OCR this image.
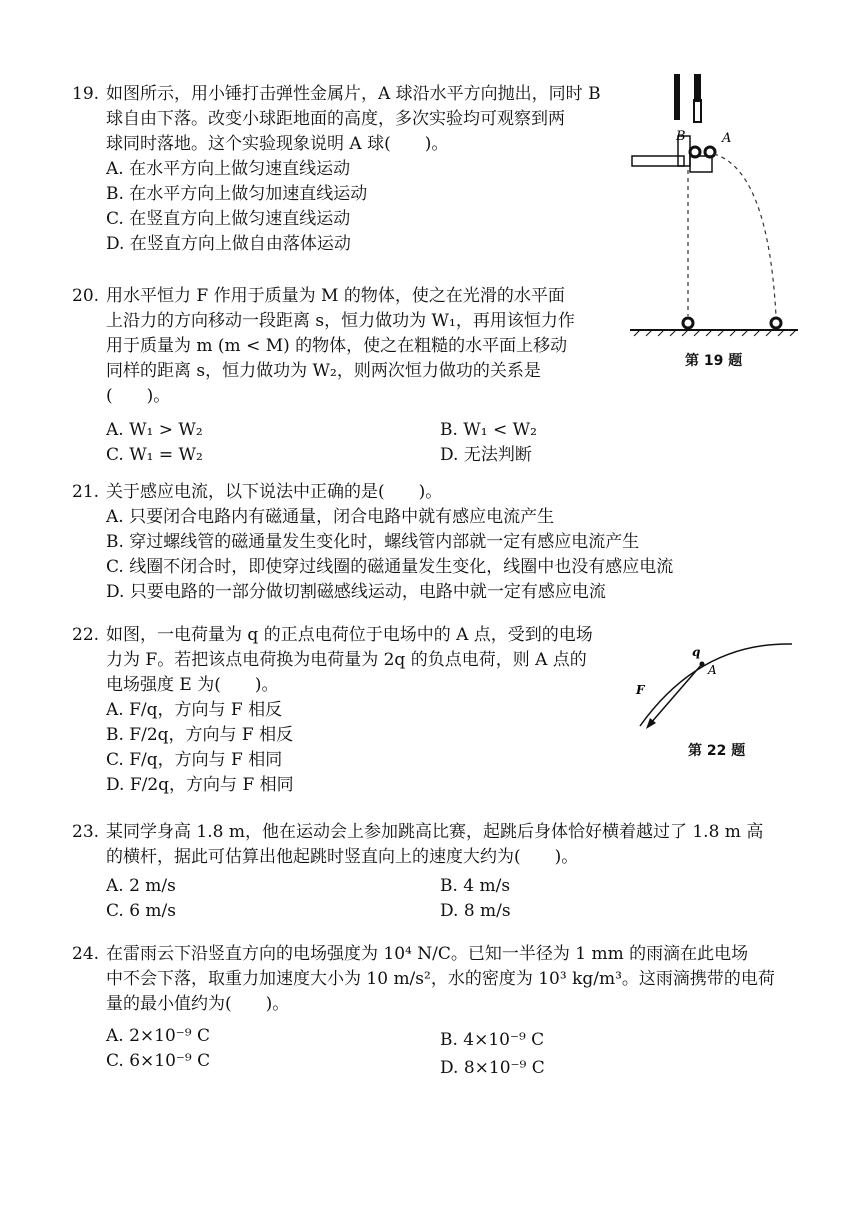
19. 如图所示，用小锤打击弹性金属片，A 球沿水平方向抛出，同时 B
球自由下落。改变小球距地面的高度，多次实验均可观察到两
球同时落地。这个实验现象说明 A 球(　　)。
A. 在水平方向上做匀速直线运动
B. 在水平方向上做匀加速直线运动
C. 在竖直方向上做匀速直线运动
D. 在竖直方向上做自由落体运动
B	A
第 19 题
20. 用水平恒力 F 作用于质量为 M 的物体，使之在光滑的水平面
上沿力的方向移动一段距离 s，恒力做功为 W₁，再用该恒力作
用于质量为 m (m < M) 的物体，使之在粗糙的水平面上移动
同样的距离 s，恒力做功为 W₂，则两次恒力做功的关系是
(　　)。
A. W₁ > W₂
C. W₁ = W₂
B. W₁ < W₂
D. 无法判断
21. 关于感应电流，以下说法中正确的是(　　)。
A. 只要闭合电路内有磁通量，闭合电路中就有感应电流产生
B. 穿过螺线管的磁通量发生变化时，螺线管内部就一定有感应电流产生
C. 线圈不闭合时，即使穿过线圈的磁通量发生变化，线圈中也没有感应电流
D. 只要电路的一部分做切割磁感线运动，电路中就一定有感应电流
22. 如图，一电荷量为 q 的正点电荷位于电场中的 A 点，受到的电场
力为 F。若把该点电荷换为电荷量为 2q 的负点电荷，则 A 点的
电场强度 E 为(　　)。
A. F/q，方向与 F 相反
B. F/2q，方向与 F 相反
C. F/q，方向与 F 相同
D. F/2q，方向与 F 相同
q
A
F
第 22 题
23. 某同学身高 1.8 m，他在运动会上参加跳高比赛，起跳后身体恰好横着越过了 1.8 m 高
的横杆，据此可估算出他起跳时竖直向上的速度大约为(　　)。
A. 2 m/s
C. 6 m/s
B. 4 m/s
D. 8 m/s
24. 在雷雨云下沿竖直方向的电场强度为 10⁴ N/C。已知一半径为 1 mm 的雨滴在此电场
中不会下落，取重力加速度大小为 10 m/s²，水的密度为 10³ kg/m³。这雨滴携带的电荷
量的最小值约为(　　)。
A. 2×10⁻⁹ C
C. 6×10⁻⁹ C
B. 4×10⁻⁹ C
D. 8×10⁻⁹ C
